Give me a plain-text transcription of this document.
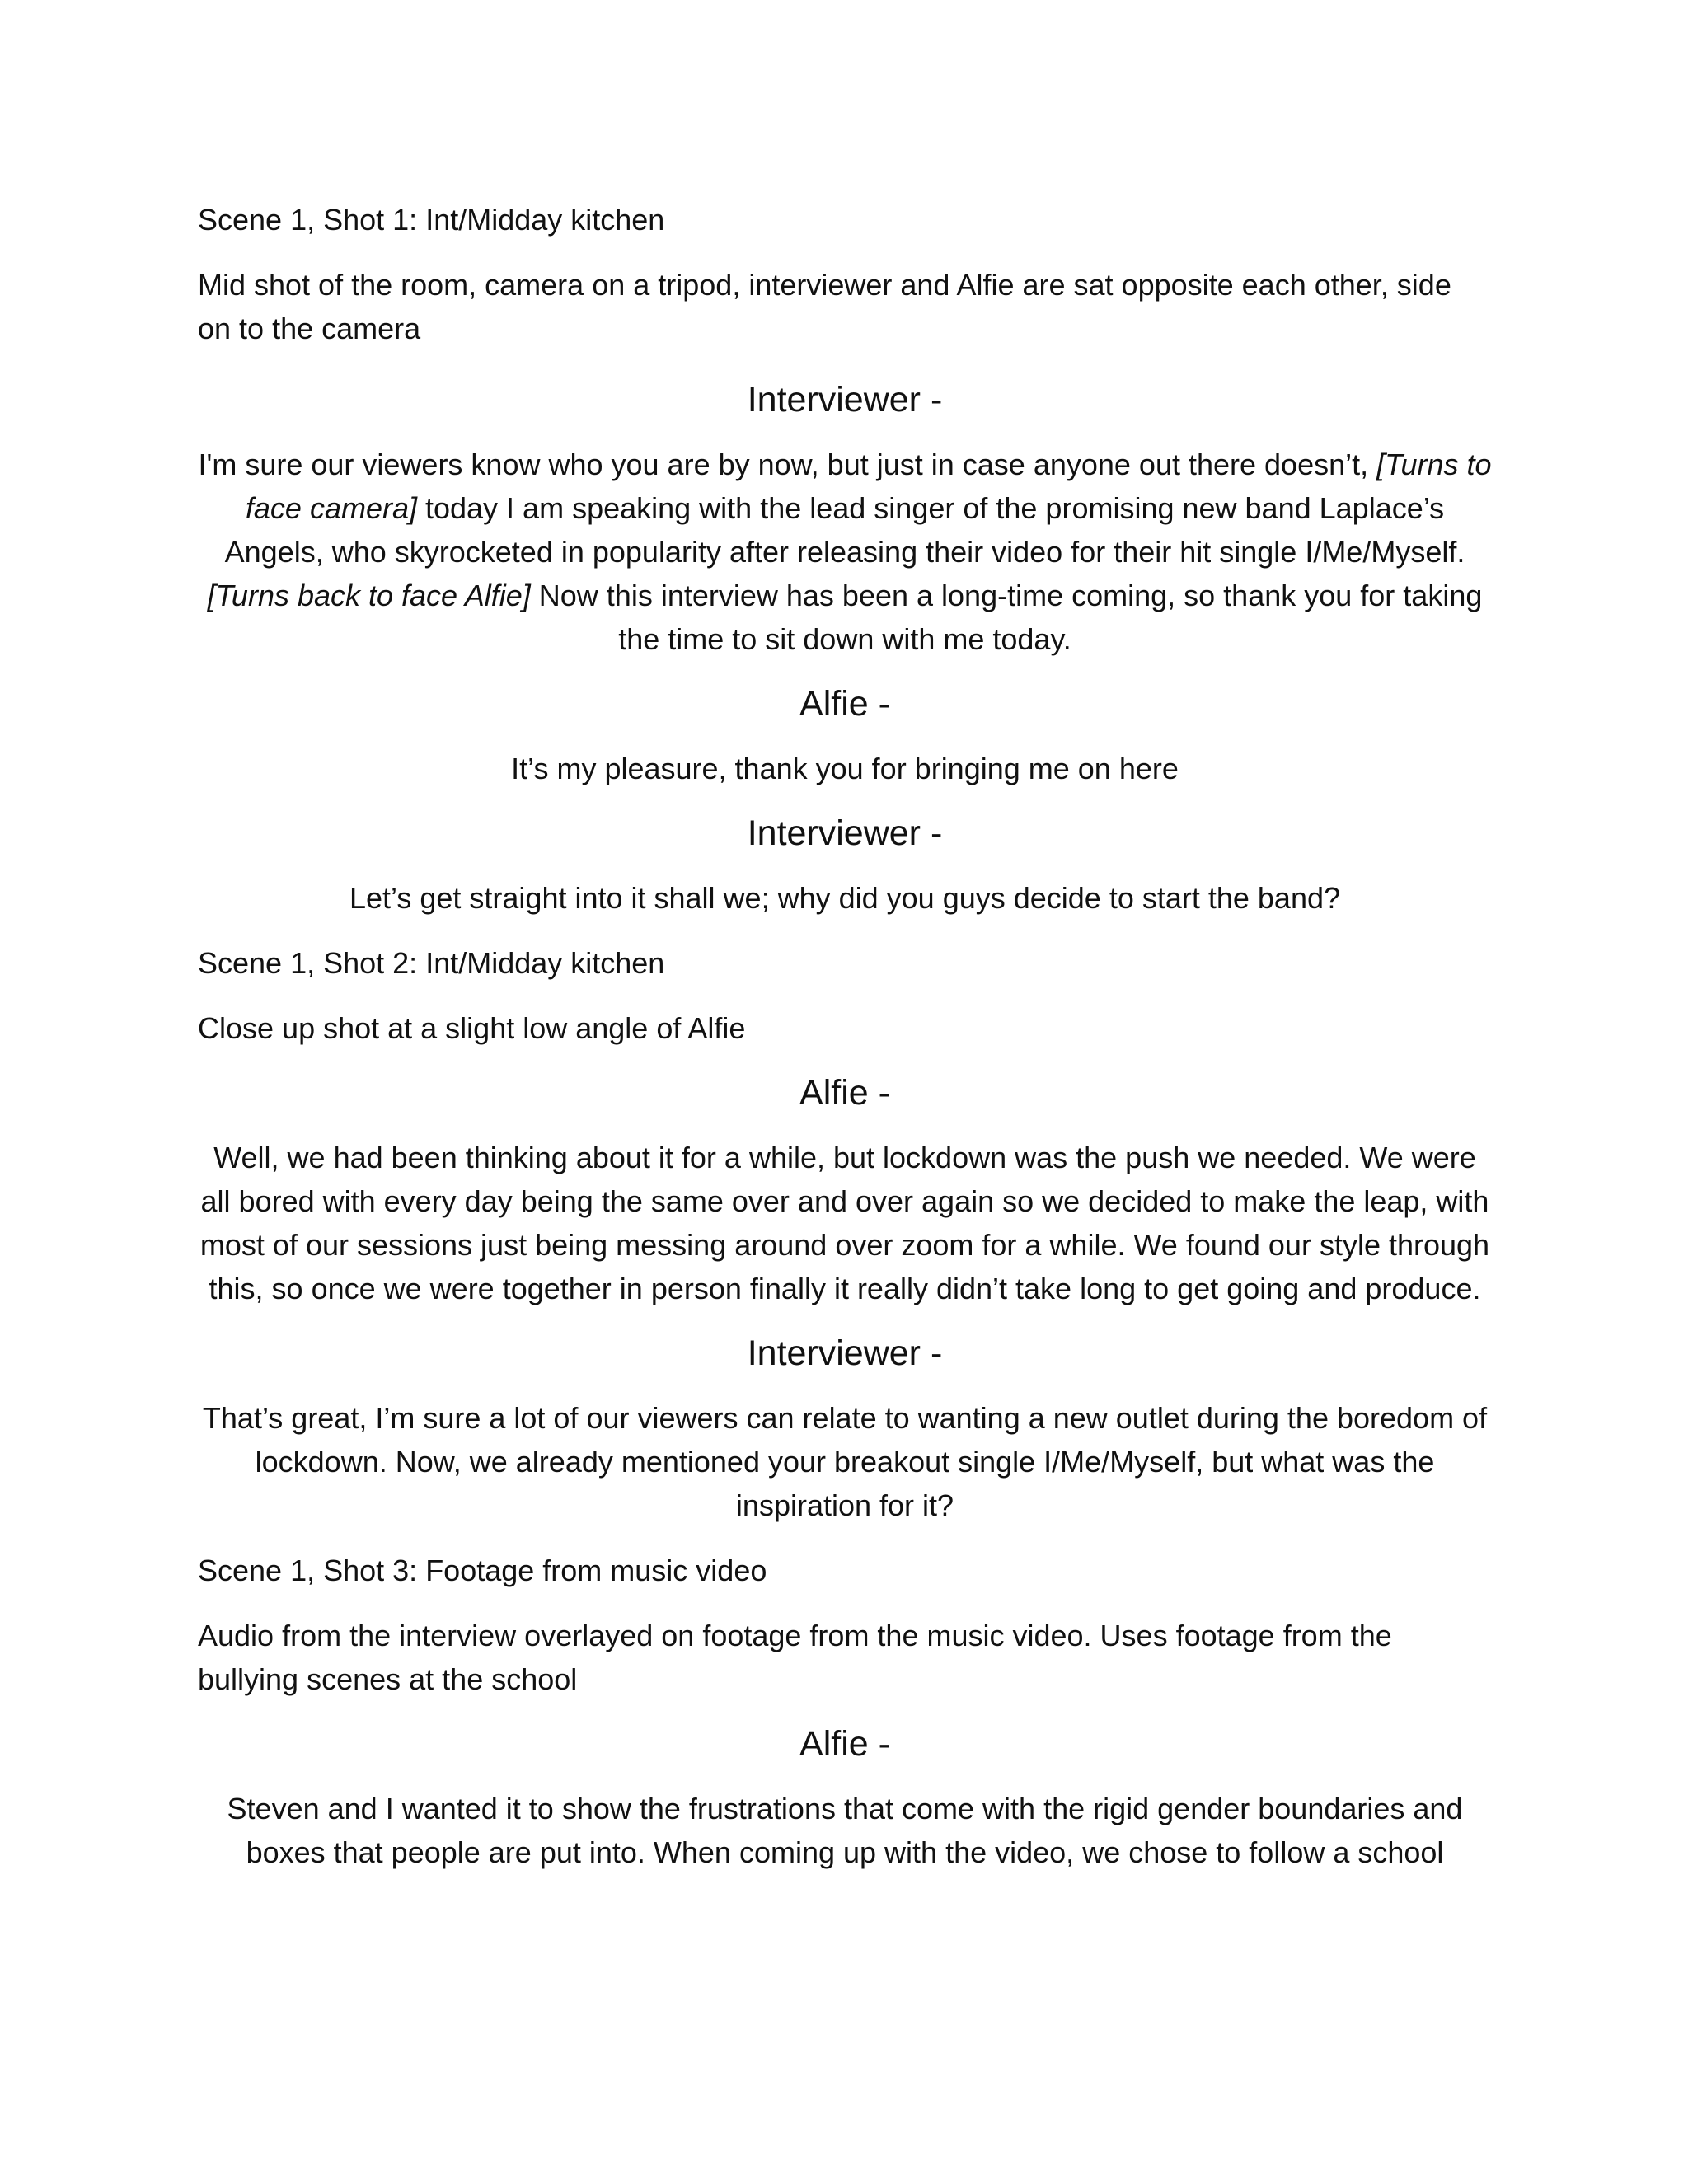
Scene 1, Shot 1: Int/Midday kitchen

Mid shot of the room, camera on a tripod, interviewer and Alfie are sat opposite each other, side on to the camera

Interviewer -

I'm sure our viewers know who you are by now, but just in case anyone out there doesn’t, [Turns to face camera] today I am speaking with the lead singer of the promising new band Laplace’s Angels, who skyrocketed in popularity after releasing their video for their hit single I/Me/Myself. [Turns back to face Alfie] Now this interview has been a long-time coming, so thank you for taking the time to sit down with me today.

Alfie -

It’s my pleasure, thank you for bringing me on here

Interviewer -

Let’s get straight into it shall we; why did you guys decide to start the band?

Scene 1, Shot 2: Int/Midday kitchen

Close up shot at a slight low angle of Alfie

Alfie -

Well, we had been thinking about it for a while, but lockdown was the push we needed. We were all bored with every day being the same over and over again so we decided to make the leap, with most of our sessions just being messing around over zoom for a while. We found our style through this, so once we were together in person finally it really didn’t take long to get going and produce.

Interviewer -

That’s great, I’m sure a lot of our viewers can relate to wanting a new outlet during the boredom of lockdown. Now, we already mentioned your breakout single I/Me/Myself, but what was the inspiration for it?

Scene 1, Shot 3: Footage from music video

Audio from the interview overlayed on footage from the music video. Uses footage from the bullying scenes at the school

Alfie -

Steven and I wanted it to show the frustrations that come with the rigid gender boundaries and boxes that people are put into. When coming up with the video, we chose to follow a school
